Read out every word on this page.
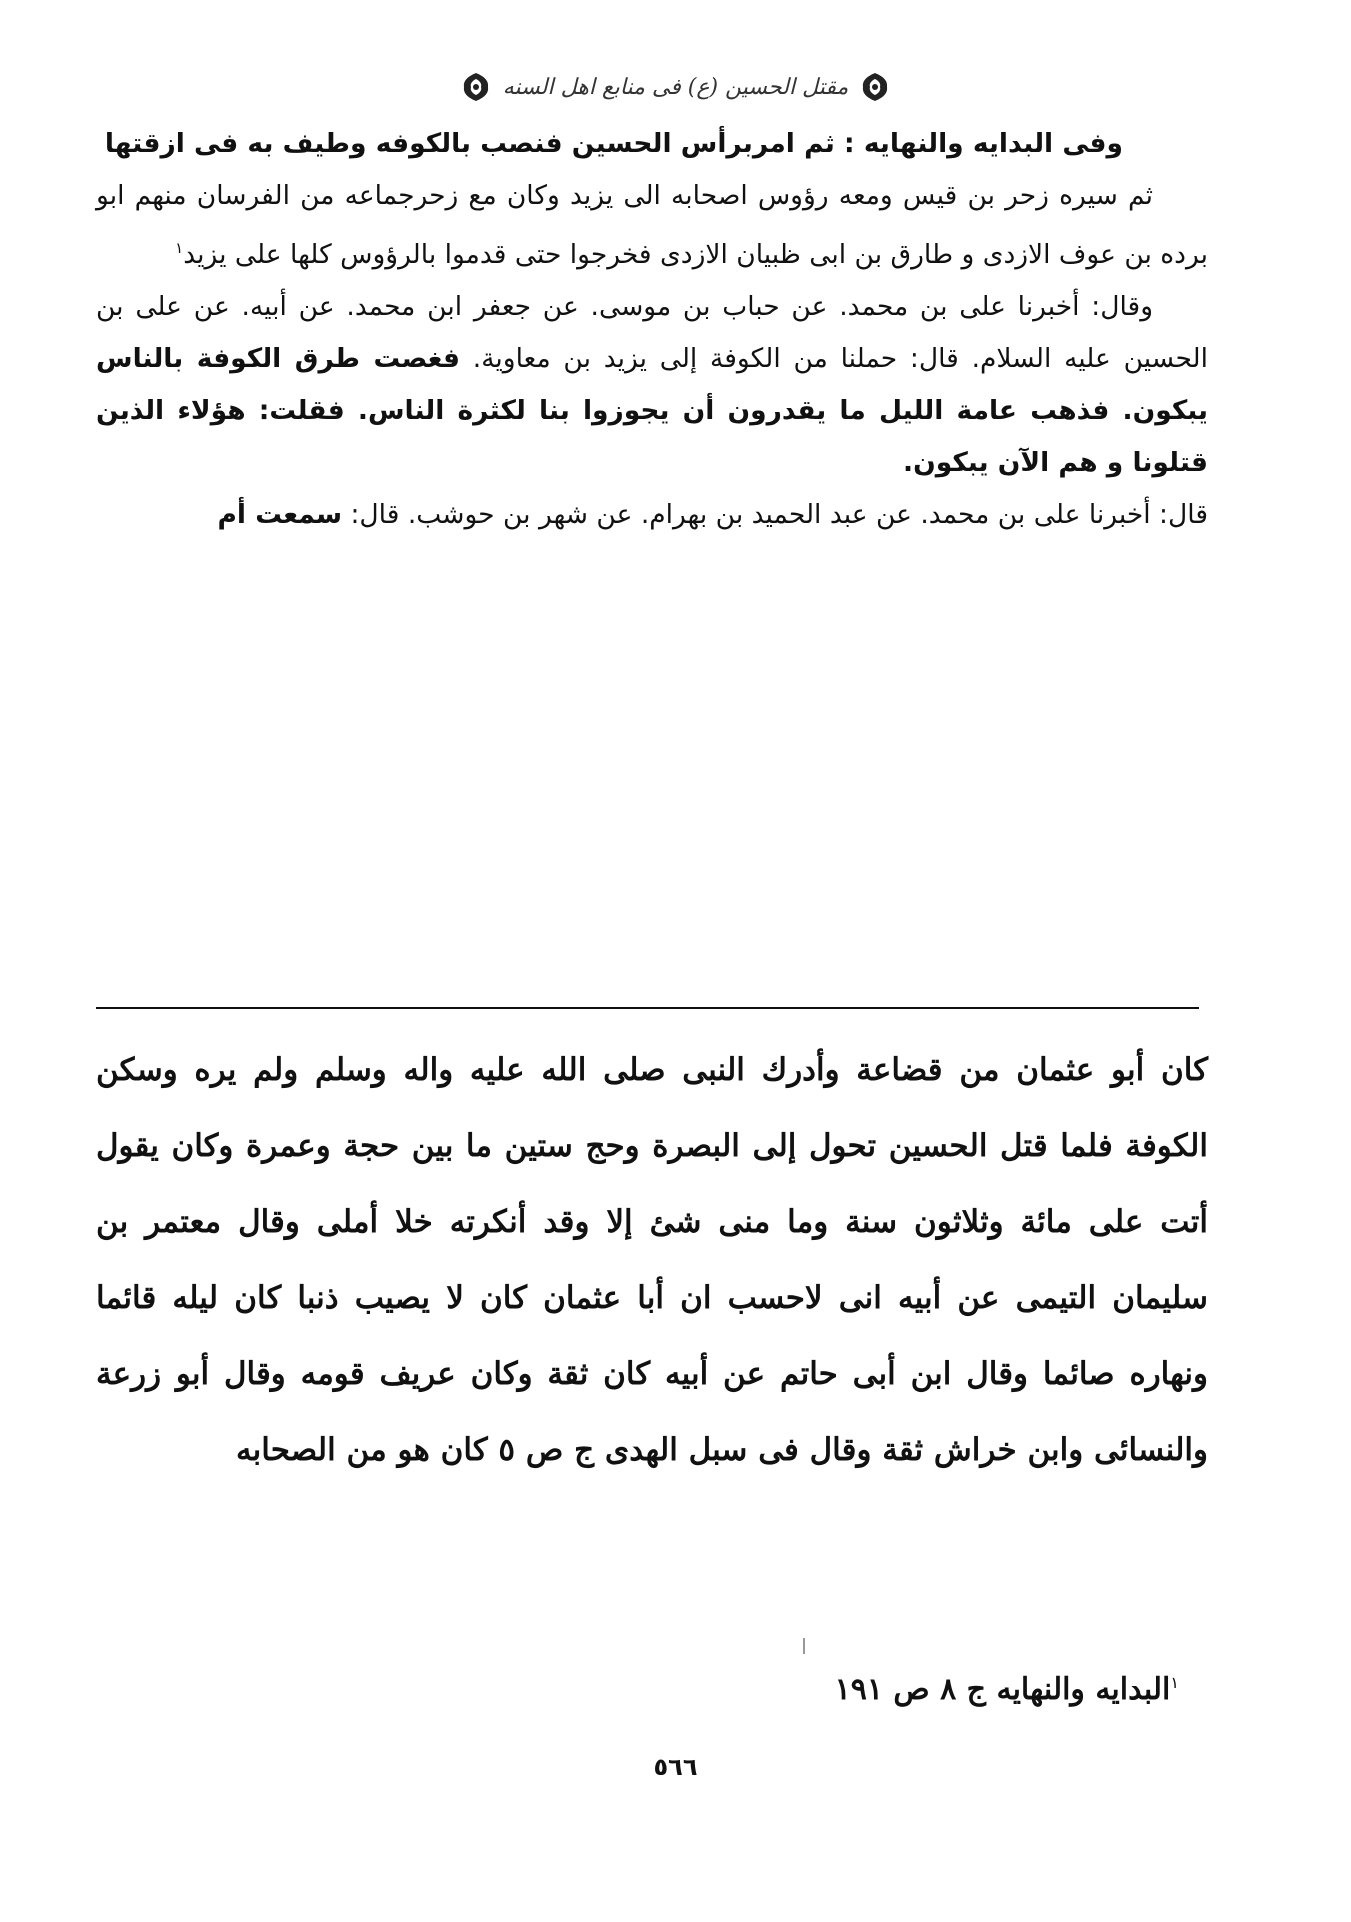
مقتل الحسين (ع) فى منابع اهل السنه

وفى البدايه والنهايه : ثم امربرأس الحسين فنصب بالكوفه وطيف به فى ازقتها

ثم سيره زحر بن قيس ومعه رؤوس اصحابه الى يزيد وكان مع زحرجماعه من الفرسان منهم ابو برده بن عوف الازدى و طارق بن ابى ظبيان الازدى فخرجوا حتى قدموا بالرؤوس كلها على يزيد$^١$

وقال: أخبرنا على بن محمد. عن حباب بن موسى. عن جعفر ابن محمد. عن أبيه. عن على بن الحسين عليه السلام. قال: حملنا من الكوفة إلى يزيد بن معاوية. فغصت طرق الكوفة بالناس يبكون. فذهب عامة الليل ما يقدرون أن يجوزوا بنا لكثرة الناس. فقلت: هؤلاء الذين قتلونا و هم الآن يبكون.

قال: أخبرنا على بن محمد. عن عبد الحميد بن بهرام. عن شهر بن حوشب. قال: سمعت أم

كان أبو عثمان من قضاعة وأدرك النبى صلى الله عليه واله وسلم ولم يره وسكن الكوفة فلما قتل الحسين تحول إلى البصرة وحج ستين ما بين حجة وعمرة وكان يقول أتت على مائة وثلاثون سنة وما منى شئ إلا وقد أنكرته خلا أملى وقال معتمر بن سليمان التيمى عن أبيه انى لاحسب ان أبا عثمان كان لا يصيب ذنبا كان ليله قائما ونهاره صائما وقال ابن أبى حاتم عن أبيه كان ثقة وكان عريف قومه وقال أبو زرعة والنسائى وابن خراش ثقة وقال فى سبل الهدى ج ص ٥ كان هو من الصحابه

$^١$البدايه والنهايه ج ٨ ص ١٩١
٥٦٦
